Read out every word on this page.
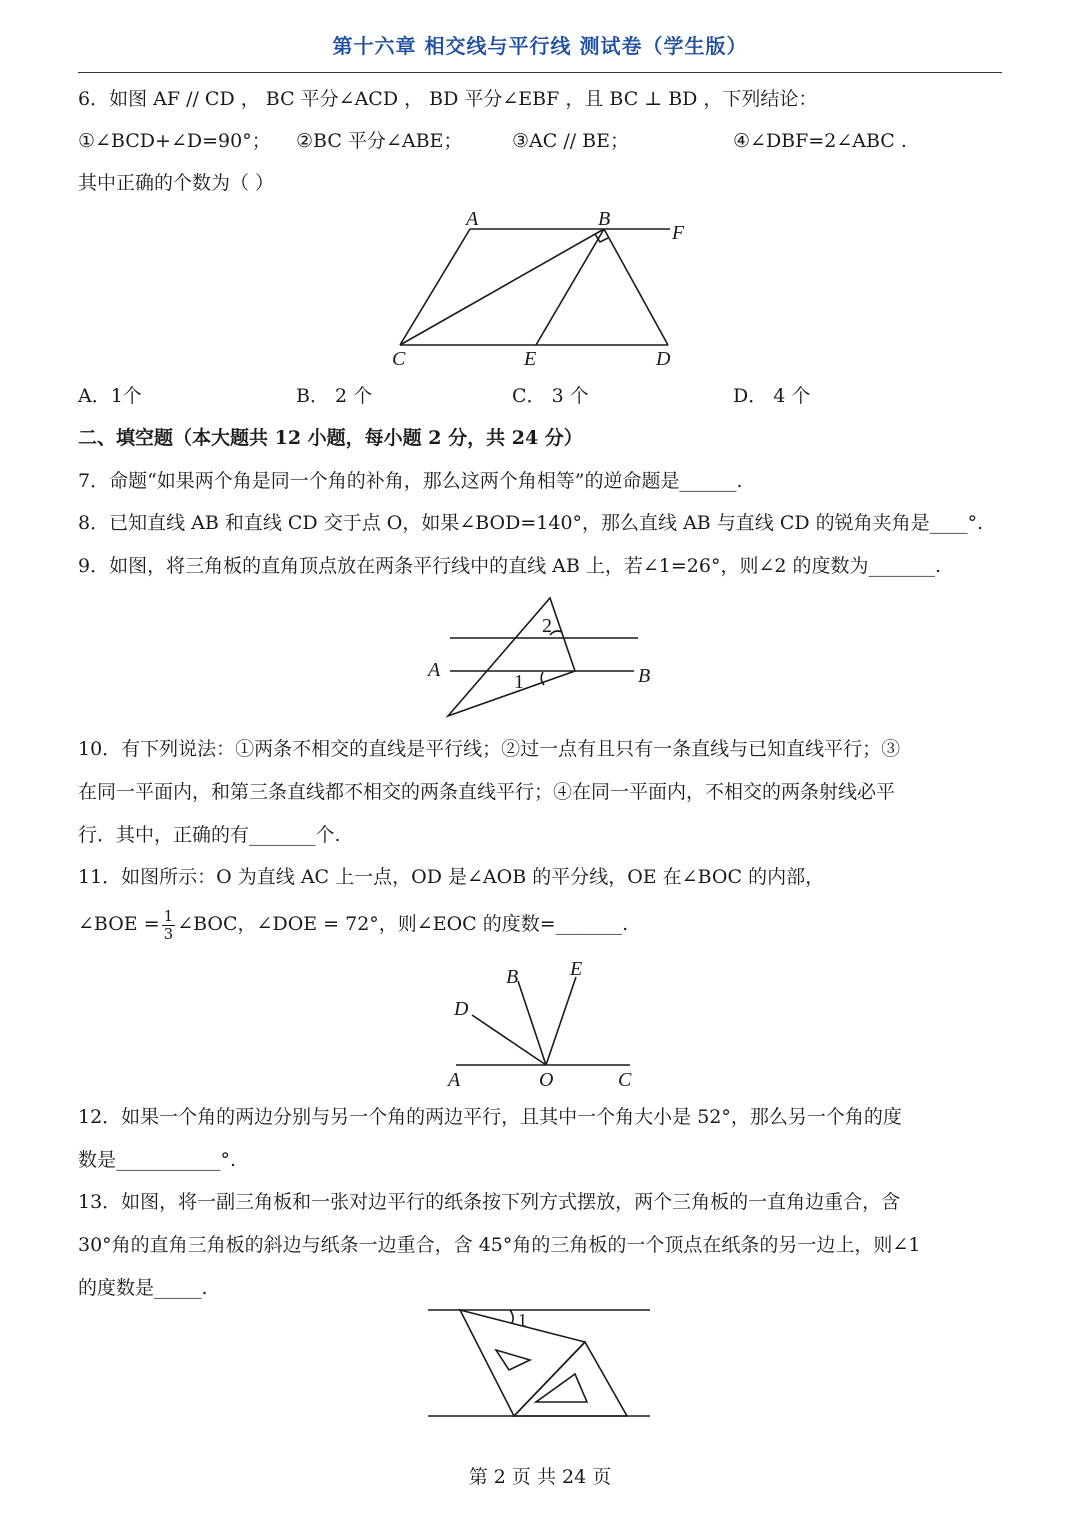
第十六章 相交线与平行线 测试卷（学生版）
6．如图 AF // CD ， BC 平分∠ACD ， BD 平分∠EBF ，且 BC ⊥ BD ，下列结论：
①∠BCD+∠D=90°； ②BC 平分∠ABE；	③AC // BE；	④∠DBF=2∠ABC .
其中正确的个数为（ ）
A	B
F
C	E	D
A．1个	B． 2 个	C． 3 个	D． 4 个
二、填空题（本大题共 12 小题，每小题 2 分，共 24 分）
7．命题“如果两个角是同一个角的补角，那么这两个角相等”的逆命题是______.
8．已知直线 AB 和直线 CD 交于点 O，如果∠BOD=140°，那么直线 AB 与直线 CD 的锐角夹角是____°.
9．如图，将三角板的直角顶点放在两条平行线中的直线 AB 上，若∠1=26°，则∠2 的度数为_______.
A	B
1
2
10．有下列说法：①两条不相交的直线是平行线；②过一点有且只有一条直线与已知直线平行；③
在同一平面内，和第三条直线都不相交的两条直线平行；④在同一平面内，不相交的两条射线必平
行．其中，正确的有_______个.
11．如图所示：O 为直线 AC 上一点，OD 是∠AOB 的平分线，OE 在∠BOC 的内部，
∠BOE = $\frac{1}{3}$ ∠BOC，∠DOE = 72°，则∠EOC 的度数=_______.
B	E
D
A	O	C
12．如果一个角的两边分别与另一个角的两边平行，且其中一个角大小是 52°，那么另一个角的度
数是___________°.
13．如图，将一副三角板和一张对边平行的纸条按下列方式摆放，两个三角板的一直角边重合，含
30°角的直角三角板的斜边与纸条一边重合，含 45°角的三角板的一个顶点在纸条的另一边上，则∠1
的度数是_____.
1
第 2 页 共 24 页
